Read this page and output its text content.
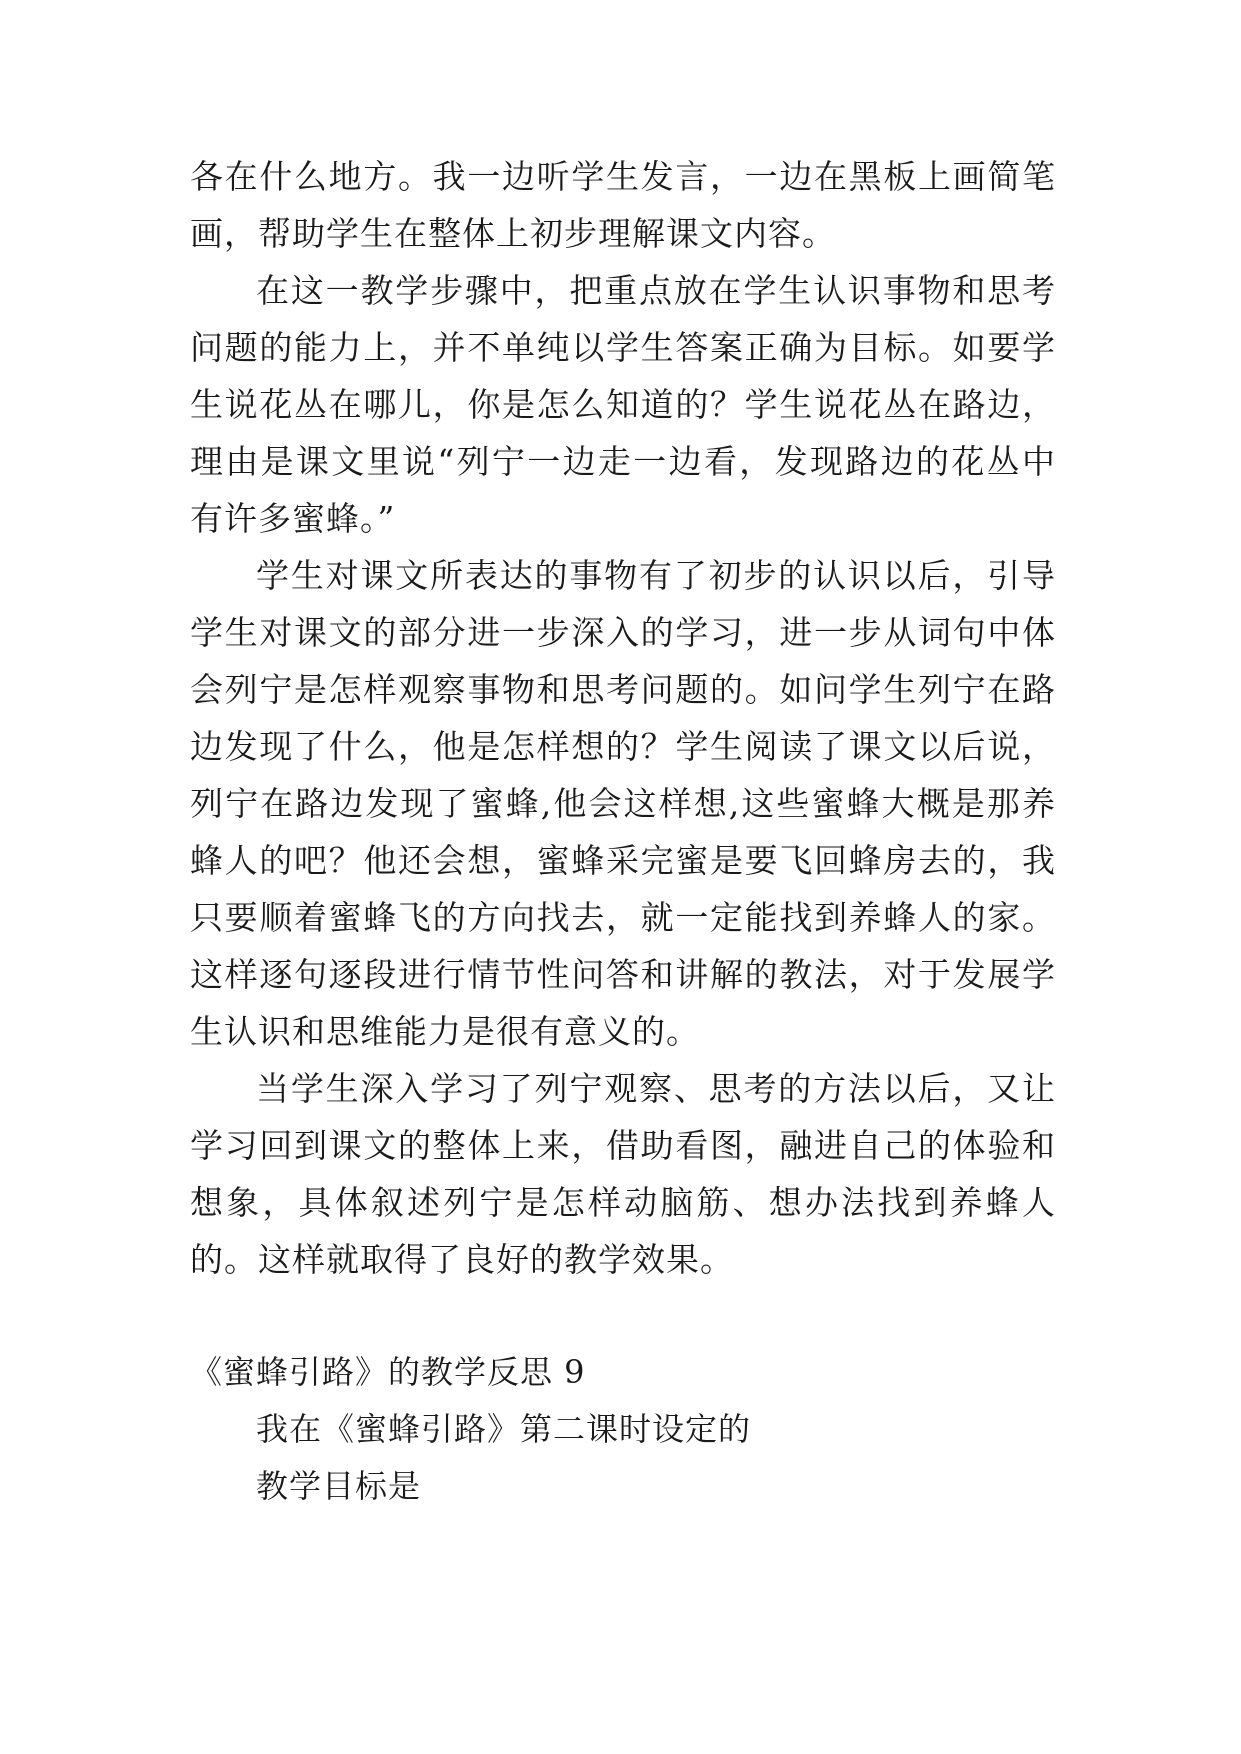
各在什么地方。我一边听学生发言，一边在黑板上画简笔画，帮助学生在整体上初步理解课文内容。

在这一教学步骤中，把重点放在学生认识事物和思考问题的能力上，并不单纯以学生答案正确为目标。如要学生说花丛在哪儿，你是怎么知道的？学生说花丛在路边，理由是课文里说“列宁一边走一边看，发现路边的花丛中有许多蜜蜂。”

学生对课文所表达的事物有了初步的认识以后，引导学生对课文的部分进一步深入的学习，进一步从词句中体会列宁是怎样观察事物和思考问题的。如问学生列宁在路边发现了什么，他是怎样想的？学生阅读了课文以后说，列宁在路边发现了蜜蜂,他会这样想,这些蜜蜂大概是那养蜂人的吧？他还会想，蜜蜂采完蜜是要飞回蜂房去的，我只要顺着蜜蜂飞的方向找去，就一定能找到养蜂人的家。这样逐句逐段进行情节性问答和讲解的教法，对于发展学生认识和思维能力是很有意义的。

当学生深入学习了列宁观察、思考的方法以后，又让学习回到课文的整体上来，借助看图，融进自己的体验和想象，具体叙述列宁是怎样动脑筋、想办法找到养蜂人的。这样就取得了良好的教学效果。

《蜜蜂引路》的教学反思 9

我在《蜜蜂引路》第二课时设定的

教学目标是
